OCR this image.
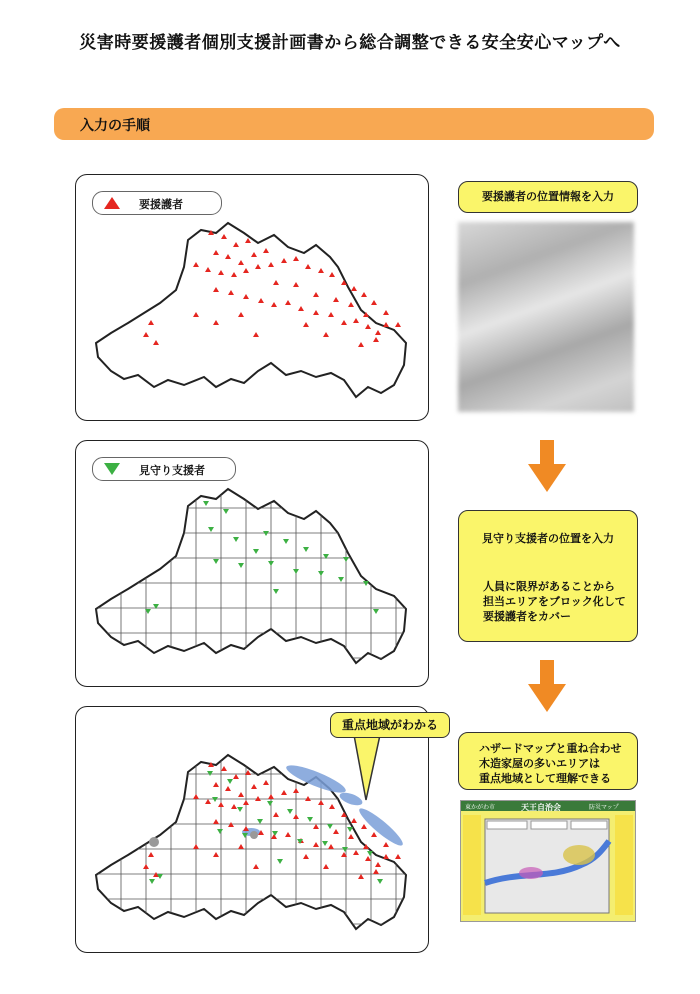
災害時要援護者個別支援計画書から総合調整できる安全安心マップへ
入力の手順
要援護者
見守り支援者
重点地域がわかる
要援護者の位置情報を入力
見守り支援者の位置を入力
人員に限界があることから
担当エリアをブロック化して
要援護者をカバー
ハザードマップと重ね合わせ
木造家屋の多いエリアは
重点地域として理解できる
東かがわ市	天王自治会	防災マップ
